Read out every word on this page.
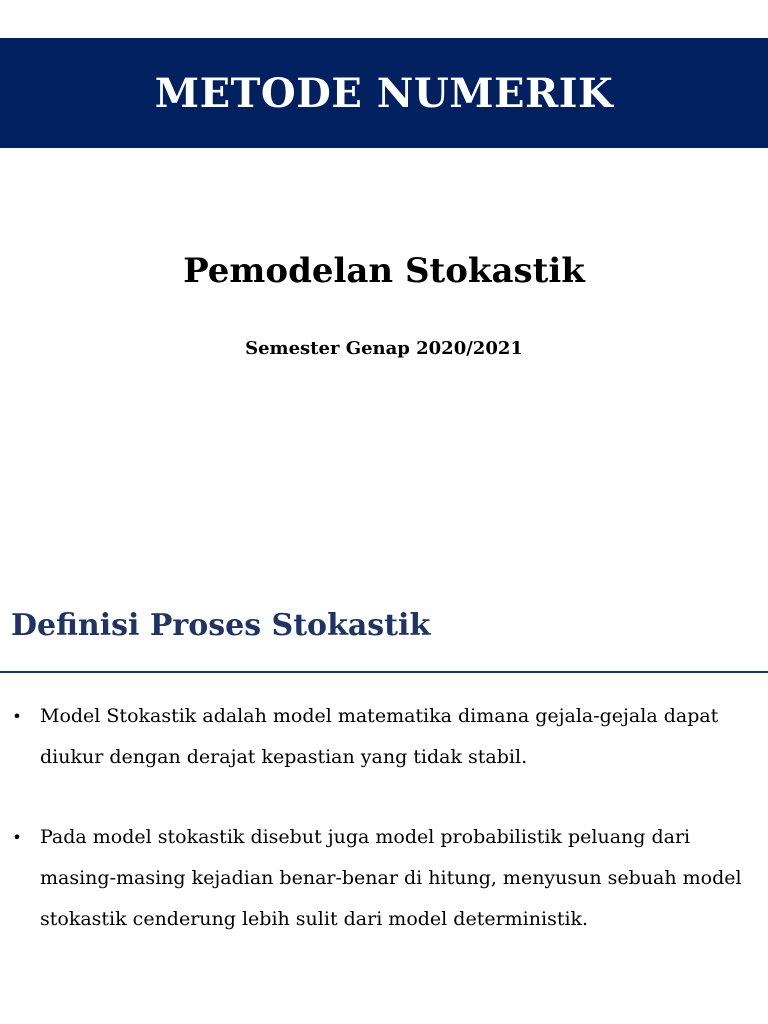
METODE NUMERIK
Pemodelan Stokastik
Semester Genap 2020/2021
Definisi Proses Stokastik
• Model Stokastik adalah model matematika dimana gejala-gejala dapat diukur dengan derajat kepastian yang tidak stabil.
• Pada model stokastik disebut juga model probabilistik peluang dari masing-masing kejadian benar-benar di hitung, menyusun sebuah model stokastik cenderung lebih sulit dari model deterministik.
